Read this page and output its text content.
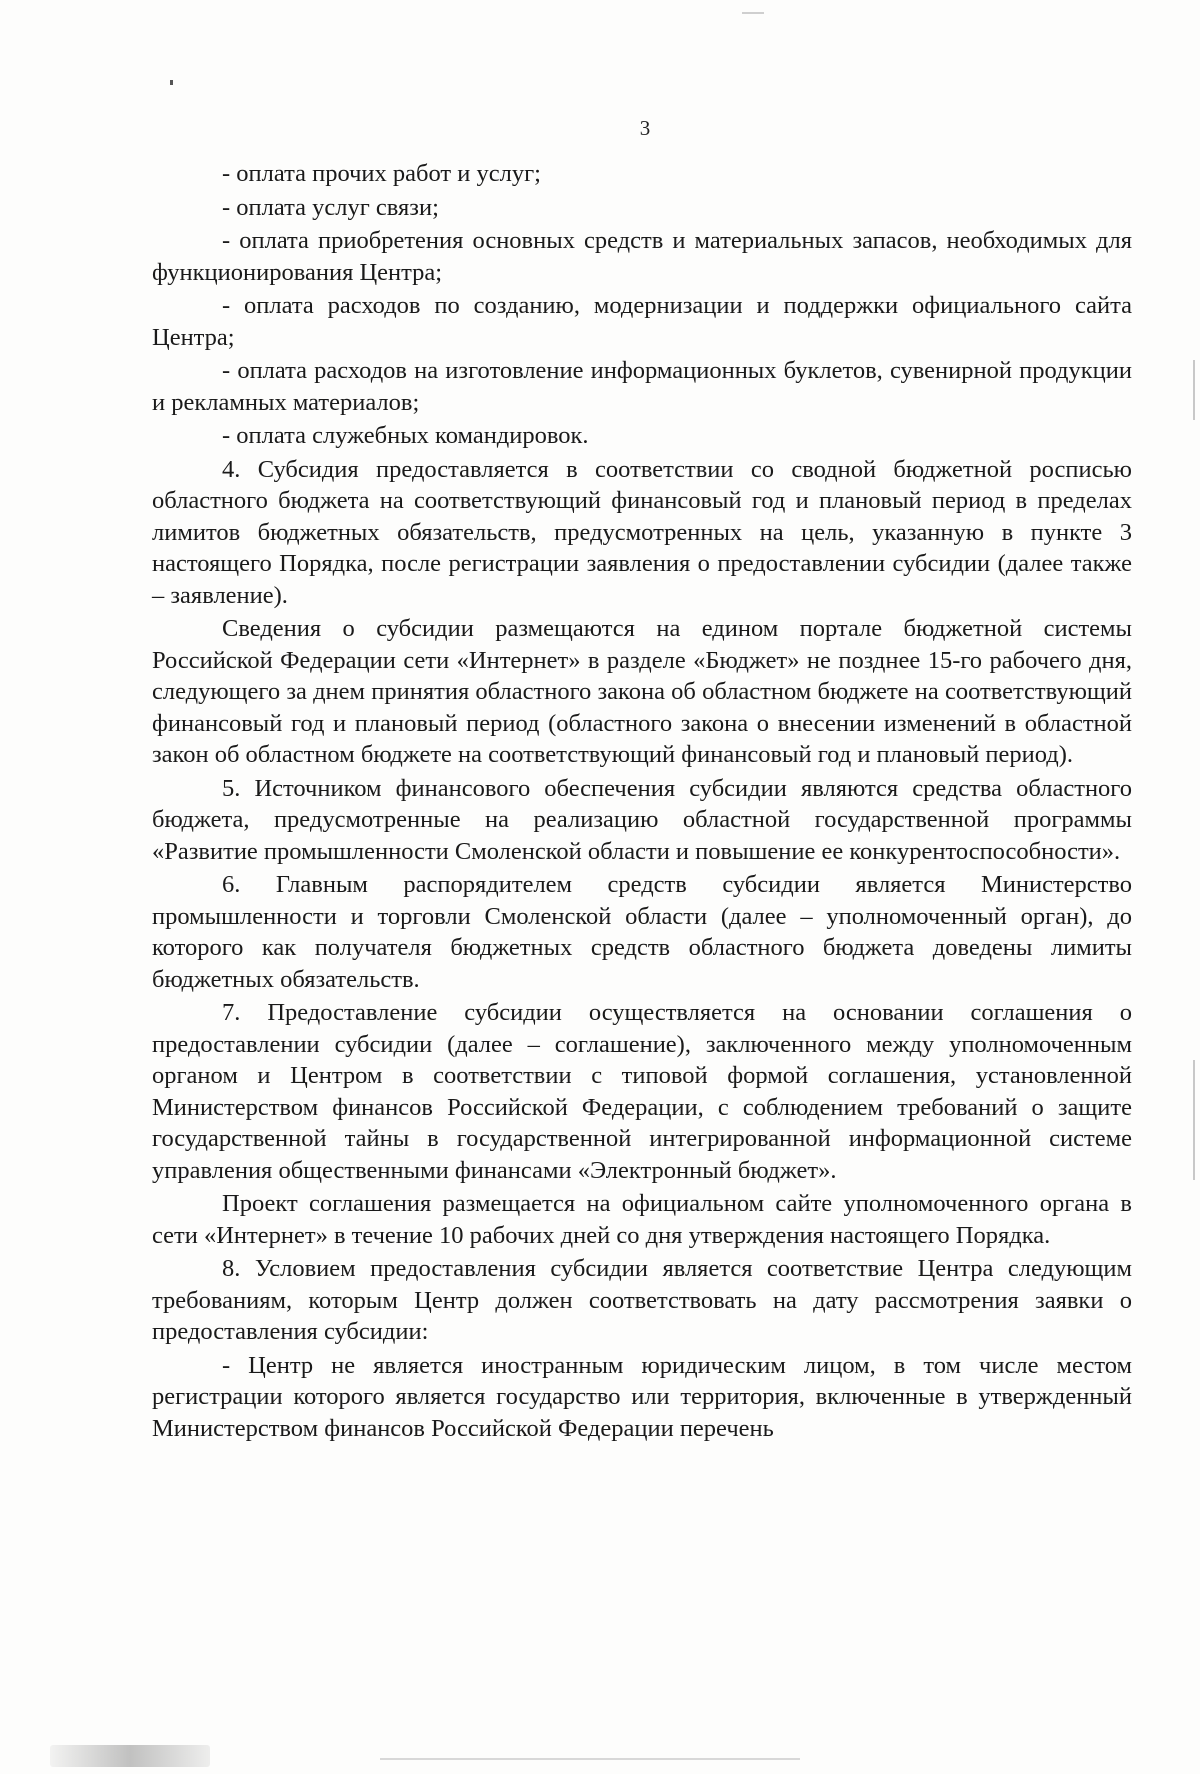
3

- оплата прочих работ и услуг;

- оплата услуг связи;

- оплата приобретения основных средств и материальных запасов, необходимых для функционирования Центра;

- оплата расходов по созданию, модернизации и поддержки официального сайта Центра;

- оплата расходов на изготовление информационных буклетов, сувенирной продукции и рекламных материалов;

- оплата служебных командировок.

4. Субсидия предоставляется в соответствии со сводной бюджетной росписью областного бюджета на соответствующий финансовый год и плановый период в пределах лимитов бюджетных обязательств, предусмотренных на цель, указанную в пункте 3 настоящего Порядка, после регистрации заявления о предоставлении субсидии (далее также – заявление).

Сведения о субсидии размещаются на едином портале бюджетной системы Российской Федерации сети «Интернет» в разделе «Бюджет» не позднее 15-го рабочего дня, следующего за днем принятия областного закона об областном бюджете на соответствующий финансовый год и плановый период (областного закона о внесении изменений в областной закон об областном бюджете на соответствующий финансовый год и плановый период).

5. Источником финансового обеспечения субсидии являются средства областного бюджета, предусмотренные на реализацию областной государственной программы «Развитие промышленности Смоленской области и повышение ее конкурентоспособности».

6. Главным распорядителем средств субсидии является Министерство промышленности и торговли Смоленской области (далее – уполномоченный орган), до которого как получателя бюджетных средств областного бюджета доведены лимиты бюджетных обязательств.

7. Предоставление субсидии осуществляется на основании соглашения о предоставлении субсидии (далее – соглашение), заключенного между уполномоченным органом и Центром в соответствии с типовой формой соглашения, установленной Министерством финансов Российской Федерации, с соблюдением требований о защите государственной тайны в государственной интегрированной информационной системе управления общественными финансами «Электронный бюджет».

Проект соглашения размещается на официальном сайте уполномоченного органа в сети «Интернет» в течение 10 рабочих дней со дня утверждения настоящего Порядка.

8. Условием предоставления субсидии является соответствие Центра следующим требованиям, которым Центр должен соответствовать на дату рассмотрения заявки о предоставления субсидии:

- Центр не является иностранным юридическим лицом, в том числе местом регистрации которого является государство или территория, включенные в утвержденный Министерством финансов Российской Федерации перечень
